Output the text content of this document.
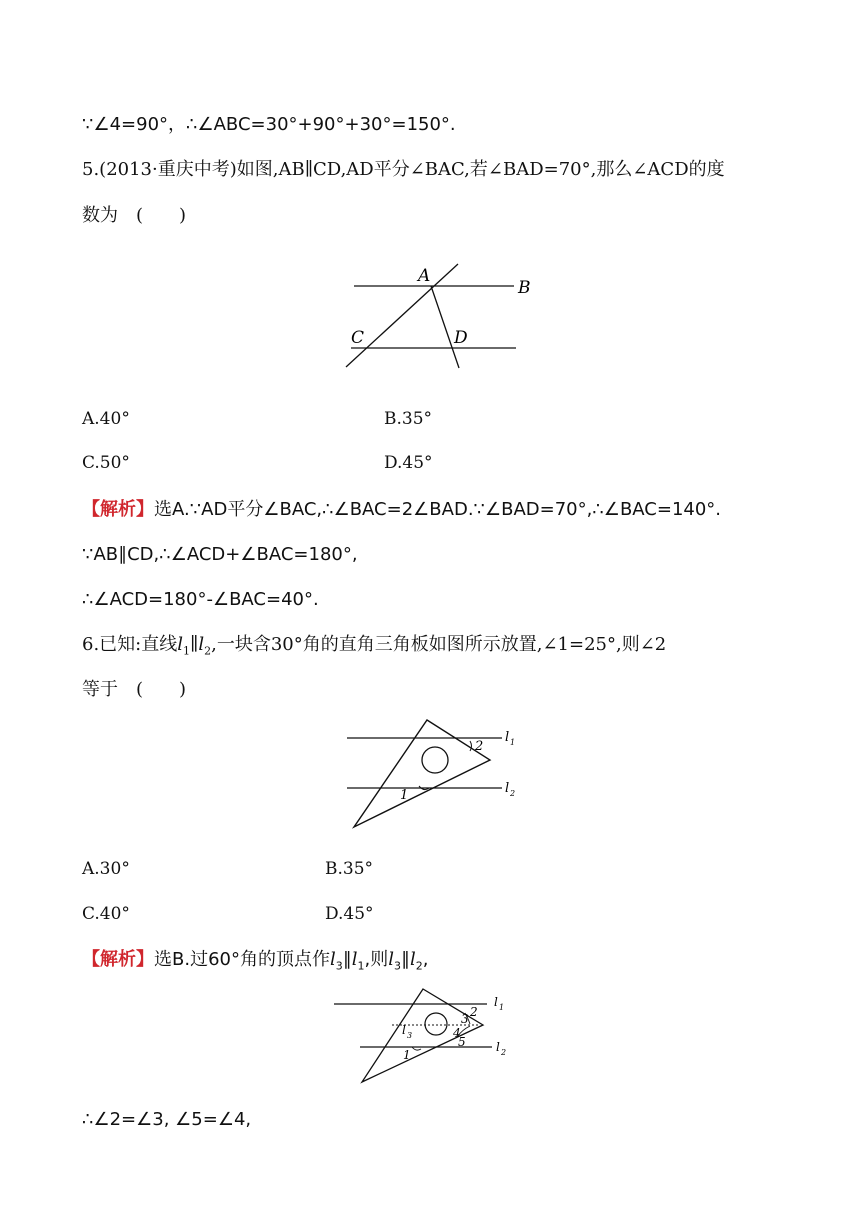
∵∠4=90°，∴∠ABC=30°+90°+30°=150°.
5.(2013·重庆中考)如图,AB∥CD,AD平分∠BAC,若∠BAD=70°,那么∠ACD的度
数为　(　　)
A
B
C	D
A.40°	B.35°
C.50°	D.45°
【解析】选A.∵AD平分∠BAC,∴∠BAC=2∠BAD.∵∠BAD=70°,∴∠BAC=140°.
∵AB∥CD,∴∠ACD+∠BAC=180°,
∴∠ACD=180°-∠BAC=40°.
6.已知:直线$l_1\parallel l_2$,一块含30°角的直角三角板如图所示放置,∠1=25°,则∠2
等于　(　　)
2
1
l 1
l 2
A.30°	B.35°
C.40°	D.45°
【解析】选B.过60°角的顶点作$l_3\parallel l_1$,则$l_3\parallel l_2$,
2
3
4
5
1
l 3
l 1
l 2
∴∠2=∠3, ∠5=∠4,
